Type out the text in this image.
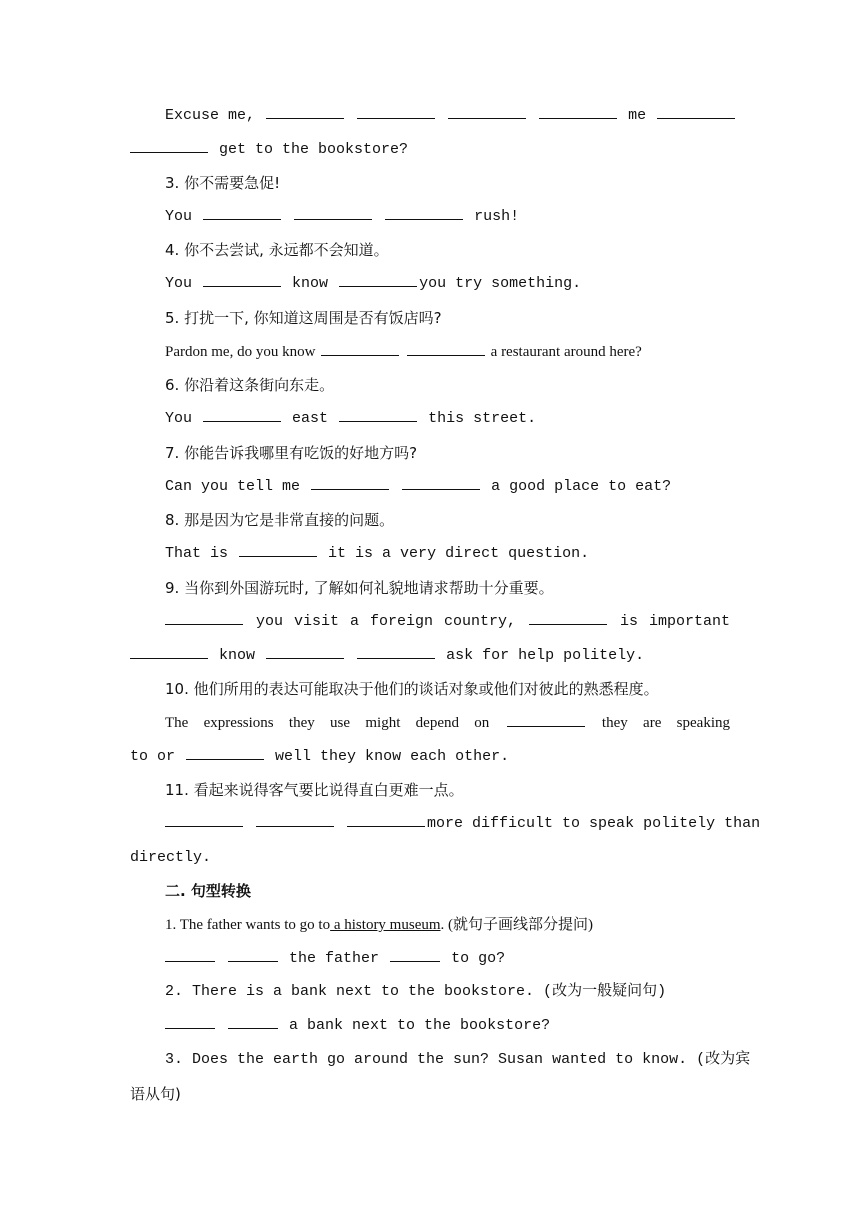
Excuse me,	me
get to the bookstore?
3. 你不需要急促!
You	rush!
4. 你不去尝试, 永远都不会知道。
You	know	you try something.
5. 打扰一下, 你知道这周围是否有饭店吗?
Pardon me, do you know	a restaurant around here?
6. 你沿着这条街向东走。
You	east	this street.
7. 你能告诉我哪里有吃饭的好地方吗?
Can you tell me	a good place to eat?
8. 那是因为它是非常直接的问题。
That is	it is a very direct question.
9. 当你到外国游玩时, 了解如何礼貌地请求帮助十分重要。
you visit a foreign country,	is important
know	ask for help politely.
10. 他们所用的表达可能取决于他们的谈话对象或他们对彼此的熟悉程度。
The expressions they use might depend on	they are speaking
to or	well they know each other.
11. 看起来说得客气要比说得直白更难一点。
more difficult to speak politely than
directly.
二. 句型转换
1. The father wants to go to a history museum. (就句子画线部分提问)
the father	to go?
2. There is a bank next to the bookstore. (改为一般疑问句)
a bank next to the bookstore?
3. Does the earth go around the sun? Susan wanted to know. (改为宾
语从句)
